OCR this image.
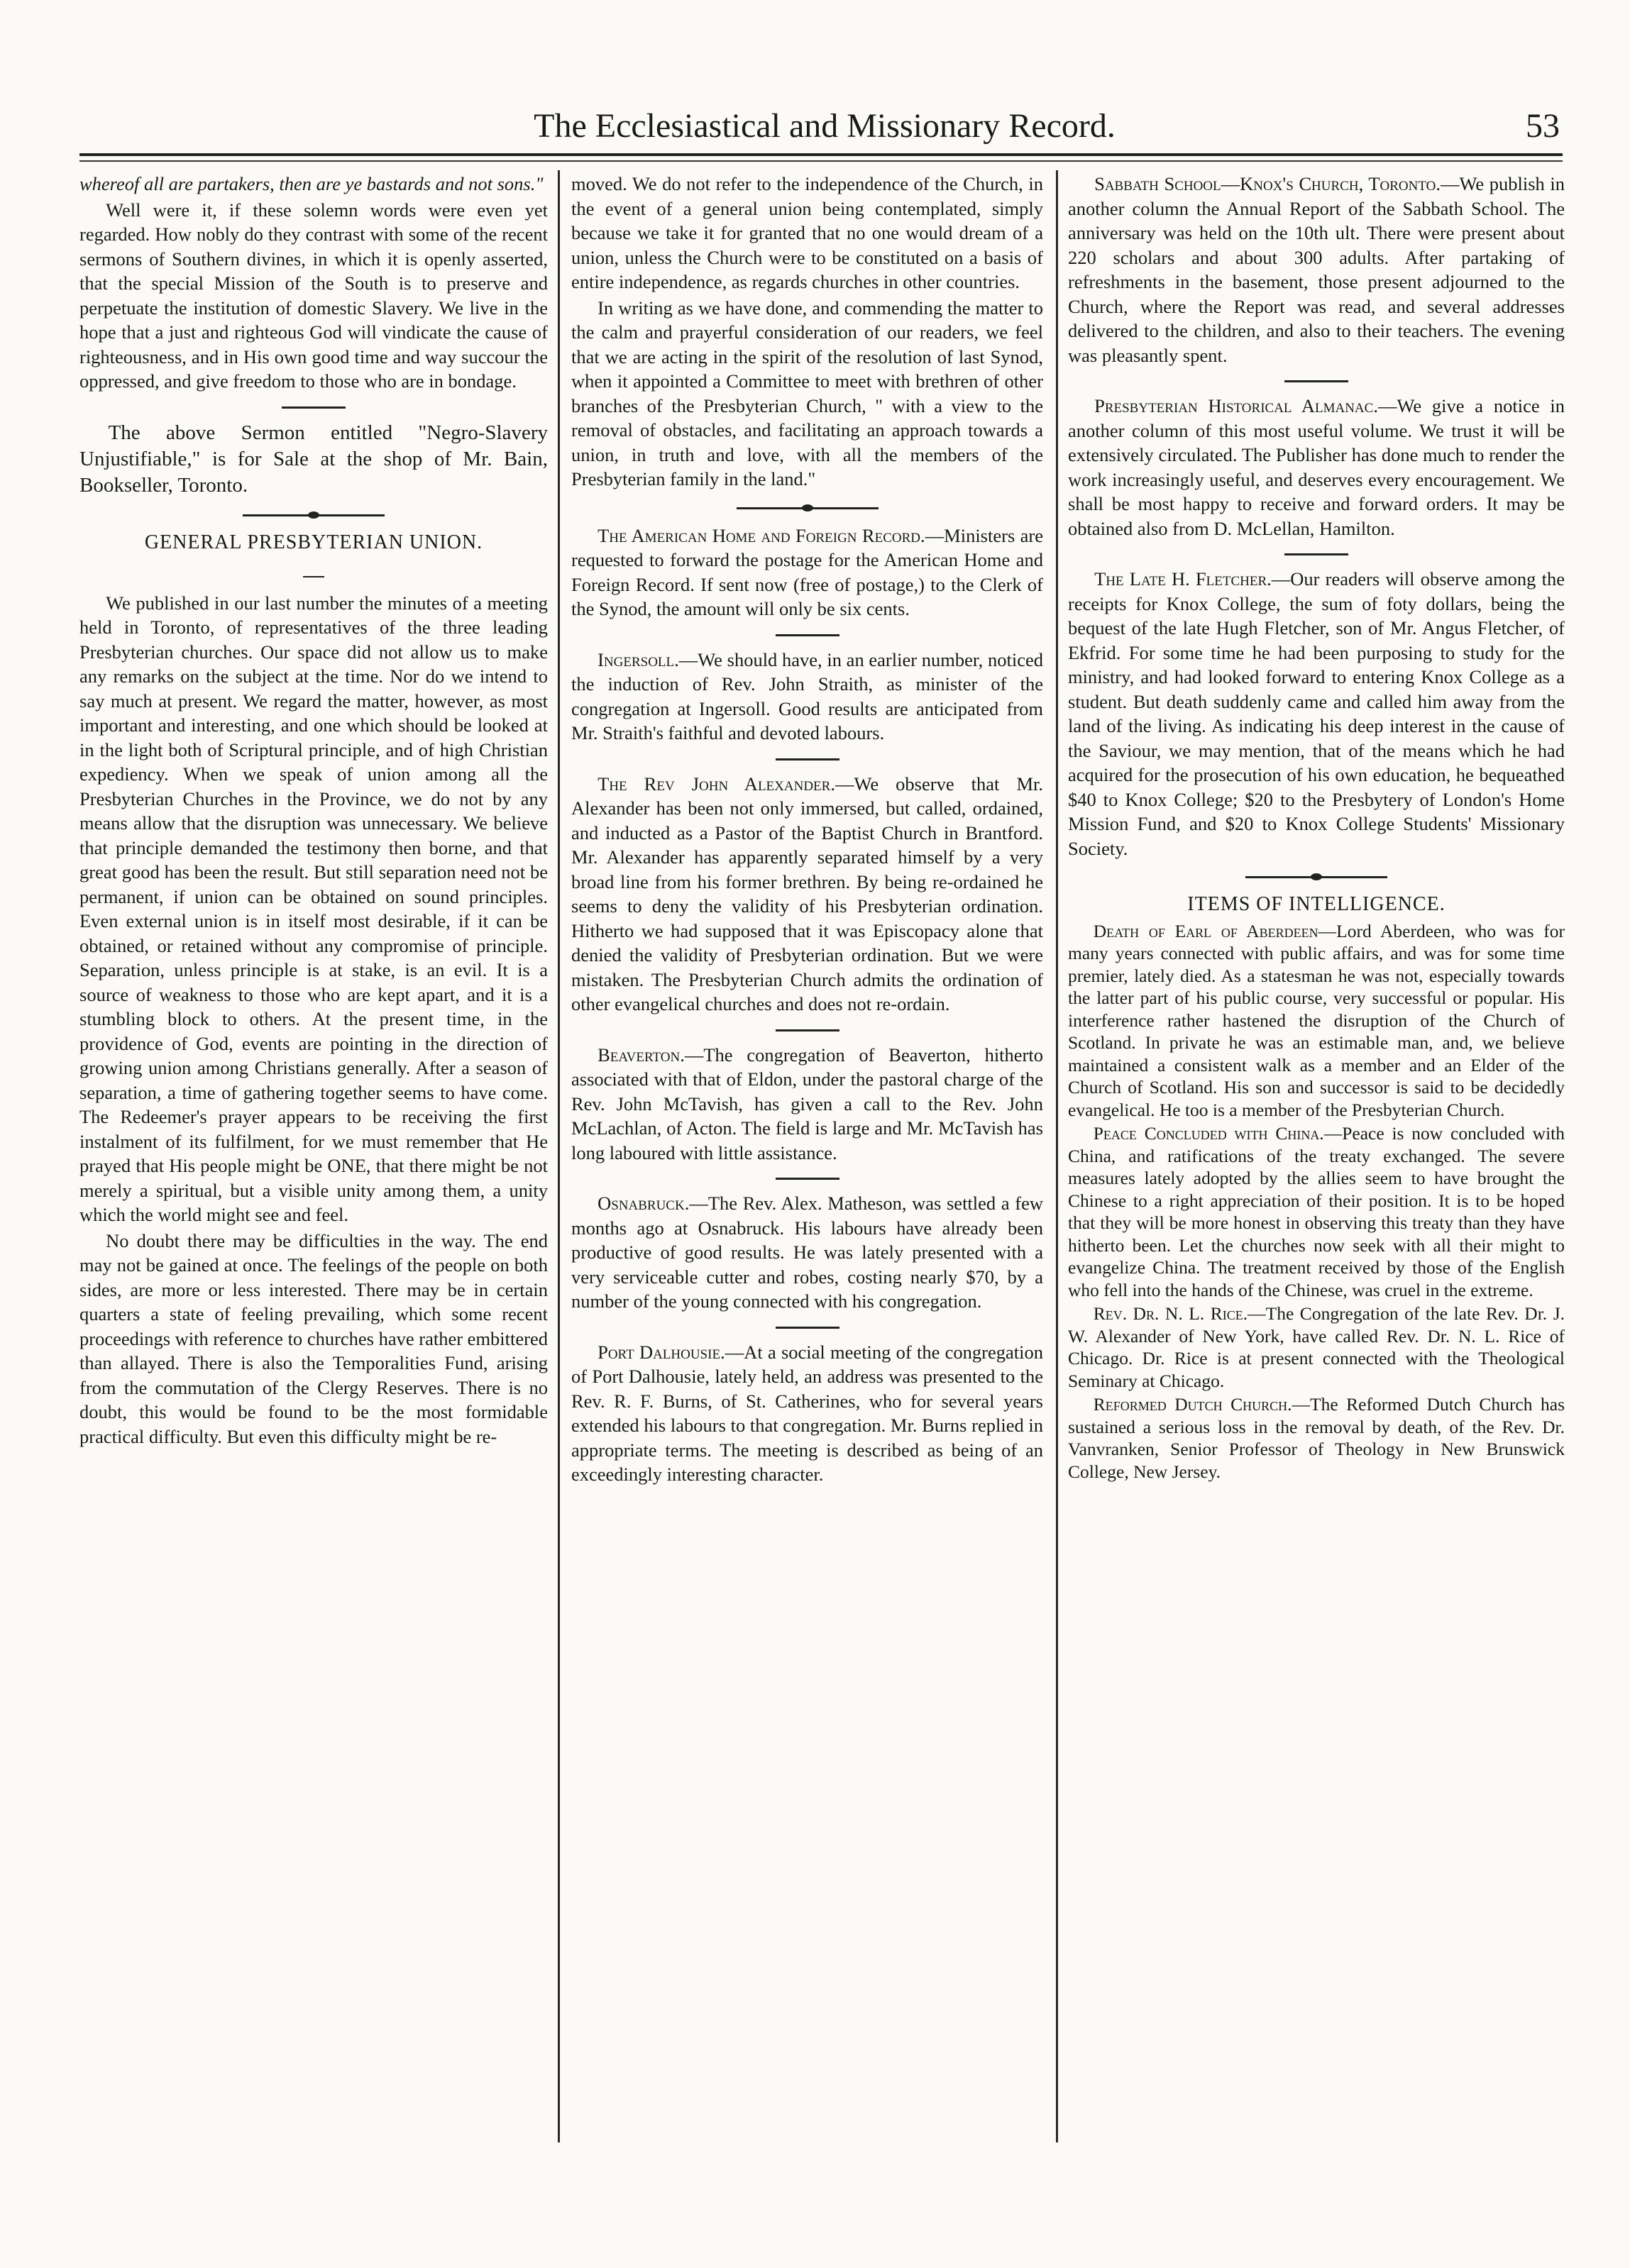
The Ecclesiastical and Missionary Record.	53

whereof all are partakers, then are ye bastards and not sons."

Well were it, if these solemn words were even yet regarded. How nobly do they contrast with some of the recent sermons of Southern divines, in which it is openly asserted, that the special Mission of the South is to preserve and perpetuate the institution of domestic Slavery. We live in the hope that a just and righteous God will vindicate the cause of righteousness, and in His own good time and way succour the oppressed, and give freedom to those who are in bondage.

The above Sermon entitled "Negro-Slavery Unjustifiable," is for Sale at the shop of Mr. Bain, Bookseller, Toronto.

GENERAL PRESBYTERIAN UNION.

We published in our last number the minutes of a meeting held in Toronto, of representatives of the three leading Presbyterian churches. Our space did not allow us to make any remarks on the subject at the time. Nor do we intend to say much at present. We regard the matter, however, as most important and interesting, and one which should be looked at in the light both of Scriptural principle, and of high Christian expediency. When we speak of union among all the Presbyterian Churches in the Province, we do not by any means allow that the disruption was unnecessary. We believe that principle demanded the testimony then borne, and that great good has been the result. But still separation need not be permanent, if union can be obtained on sound principles. Even external union is in itself most desirable, if it can be obtained, or retained without any compromise of principle. Separation, unless principle is at stake, is an evil. It is a source of weakness to those who are kept apart, and it is a stumbling block to others. At the present time, in the providence of God, events are pointing in the direction of growing union among Christians generally. After a season of separation, a time of gathering together seems to have come. The Redeemer's prayer appears to be receiving the first instalment of its fulfilment, for we must remember that He prayed that His people might be ONE, that there might be not merely a spiritual, but a visible unity among them, a unity which the world might see and feel.

No doubt there may be difficulties in the way. The end may not be gained at once. The feelings of the people on both sides, are more or less interested. There may be in certain quarters a state of feeling prevailing, which some recent proceedings with reference to churches have rather embittered than allayed. There is also the Temporalities Fund, arising from the commutation of the Clergy Reserves. There is no doubt, this would be found to be the most formidable practical difficulty. But even this difficulty might be re-

moved. We do not refer to the independence of the Church, in the event of a general union being contemplated, simply because we take it for granted that no one would dream of a union, unless the Church were to be constituted on a basis of entire independence, as regards churches in other countries.

In writing as we have done, and commending the matter to the calm and prayerful consideration of our readers, we feel that we are acting in the spirit of the resolution of last Synod, when it appointed a Committee to meet with brethren of other branches of the Presbyterian Church, " with a view to the removal of obstacles, and facilitating an approach towards a union, in truth and love, with all the members of the Presbyterian family in the land."

The American Home and Foreign Record.—Ministers are requested to forward the postage for the American Home and Foreign Record. If sent now (free of postage,) to the Clerk of the Synod, the amount will only be six cents.

Ingersoll.—We should have, in an earlier number, noticed the induction of Rev. John Straith, as minister of the congregation at Ingersoll. Good results are anticipated from Mr. Straith's faithful and devoted labours.

The Rev John Alexander.—We observe that Mr. Alexander has been not only immersed, but called, ordained, and inducted as a Pastor of the Baptist Church in Brantford. Mr. Alexander has apparently separated himself by a very broad line from his former brethren. By being re-ordained he seems to deny the validity of his Presbyterian ordination. Hitherto we had supposed that it was Episcopacy alone that denied the validity of Presbyterian ordination. But we were mistaken. The Presbyterian Church admits the ordination of other evangelical churches and does not re-ordain.

Beaverton.—The congregation of Beaverton, hitherto associated with that of Eldon, under the pastoral charge of the Rev. John McTavish, has given a call to the Rev. John McLachlan, of Acton. The field is large and Mr. McTavish has long laboured with little assistance.

Osnabruck.—The Rev. Alex. Matheson, was settled a few months ago at Osnabruck. His labours have already been productive of good results. He was lately presented with a very serviceable cutter and robes, costing nearly $70, by a number of the young connected with his congregation.

Port Dalhousie.—At a social meeting of the congregation of Port Dalhousie, lately held, an address was presented to the Rev. R. F. Burns, of St. Catherines, who for several years extended his labours to that congregation. Mr. Burns replied in appropriate terms. The meeting is described as being of an exceedingly interesting character.

Sabbath School—Knox's Church, Toronto.—We publish in another column the Annual Report of the Sabbath School. The anniversary was held on the 10th ult. There were present about 220 scholars and about 300 adults. After partaking of refreshments in the basement, those present adjourned to the Church, where the Report was read, and several addresses delivered to the children, and also to their teachers. The evening was pleasantly spent.

Presbyterian Historical Almanac.—We give a notice in another column of this most useful volume. We trust it will be extensively circulated. The Publisher has done much to render the work increasingly useful, and deserves every encouragement. We shall be most happy to receive and forward orders. It may be obtained also from D. McLellan, Hamilton.

The Late H. Fletcher.—Our readers will observe among the receipts for Knox College, the sum of foty dollars, being the bequest of the late Hugh Fletcher, son of Mr. Angus Fletcher, of Ekfrid. For some time he had been purposing to study for the ministry, and had looked forward to entering Knox College as a student. But death suddenly came and called him away from the land of the living. As indicating his deep interest in the cause of the Saviour, we may mention, that of the means which he had acquired for the prosecution of his own education, he bequeathed $40 to Knox College; $20 to the Presbytery of London's Home Mission Fund, and $20 to Knox College Students' Missionary Society.

ITEMS OF INTELLIGENCE.

Death of Earl of Aberdeen—Lord Aberdeen, who was for many years connected with public affairs, and was for some time premier, lately died. As a statesman he was not, especially towards the latter part of his public course, very successful or popular. His interference rather hastened the disruption of the Church of Scotland. In private he was an estimable man, and, we believe maintained a consistent walk as a member and an Elder of the Church of Scotland. His son and successor is said to be decidedly evangelical. He too is a member of the Presbyterian Church.

Peace Concluded with China.—Peace is now concluded with China, and ratifications of the treaty exchanged. The severe measures lately adopted by the allies seem to have brought the Chinese to a right appreciation of their position. It is to be hoped that they will be more honest in observing this treaty than they have hitherto been. Let the churches now seek with all their might to evangelize China. The treatment received by those of the English who fell into the hands of the Chinese, was cruel in the extreme.

Rev. Dr. N. L. Rice.—The Congregation of the late Rev. Dr. J. W. Alexander of New York, have called Rev. Dr. N. L. Rice of Chicago. Dr. Rice is at present connected with the Theological Seminary at Chicago.

Reformed Dutch Church.—The Reformed Dutch Church has sustained a serious loss in the removal by death, of the Rev. Dr. Vanvranken, Senior Professor of Theology in New Brunswick College, New Jersey.
